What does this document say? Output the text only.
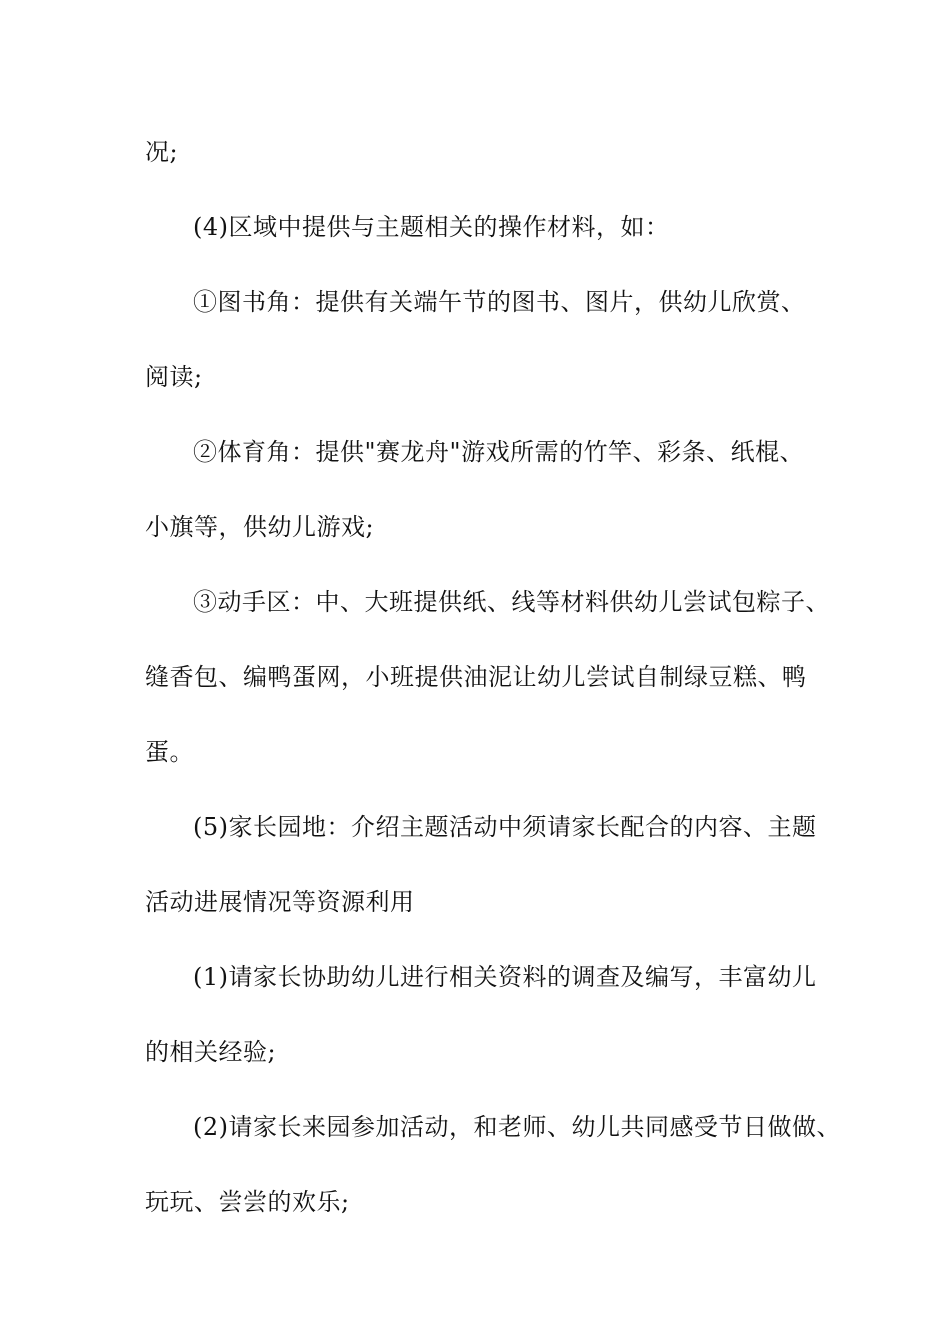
况;
(4)区域中提供与主题相关的操作材料，如：
①图书角：提供有关端午节的图书、图片，供幼儿欣赏、
阅读;
②体育角：提供"赛龙舟"游戏所需的竹竿、彩条、纸棍、
小旗等，供幼儿游戏;
③动手区：中、大班提供纸、线等材料供幼儿尝试包粽子、
缝香包、编鸭蛋网，小班提供油泥让幼儿尝试自制绿豆糕、鸭
蛋。
(5)家长园地：介绍主题活动中须请家长配合的内容、主题
活动进展情况等资源利用
(1)请家长协助幼儿进行相关资料的调查及编写，丰富幼儿
的相关经验;
(2)请家长来园参加活动，和老师、幼儿共同感受节日做做、
玩玩、尝尝的欢乐;
